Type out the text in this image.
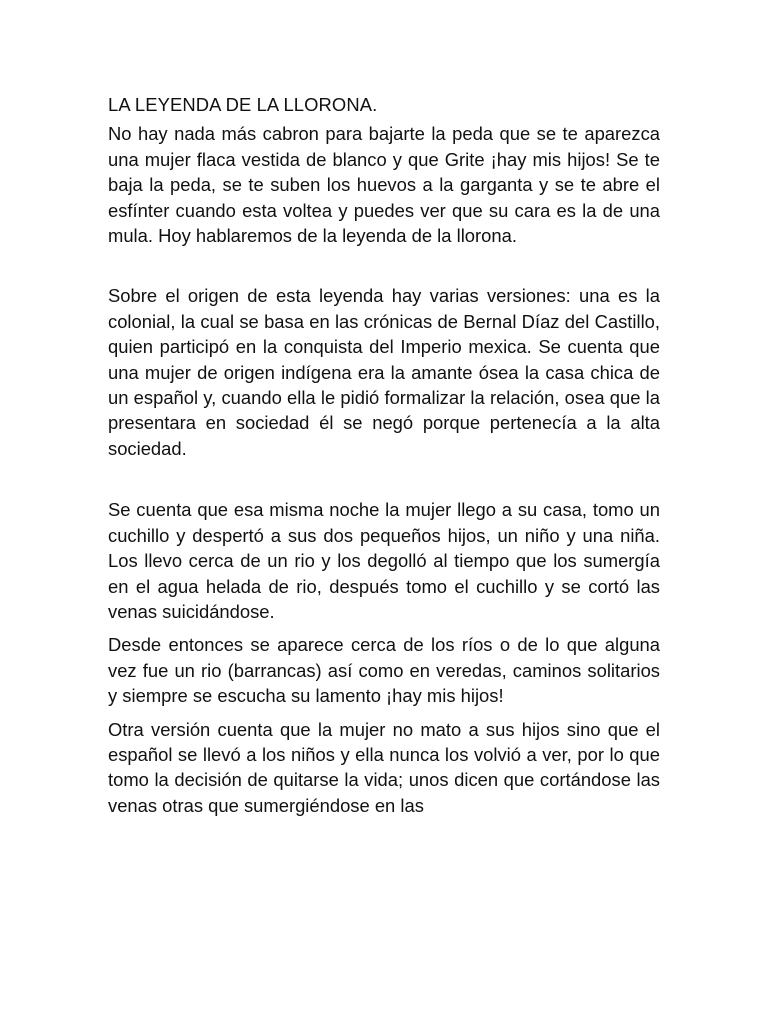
LA LEYENDA DE LA LLORONA.

No hay nada más cabron para bajarte la peda que se te aparezca una mujer flaca vestida de blanco y que Grite ¡hay mis hijos! Se te baja la peda, se te suben los huevos a la garganta y se te abre el esfínter cuando esta voltea y puedes ver que su cara es la de una mula. Hoy hablaremos de la leyenda de la llorona.

Sobre el origen de esta leyenda hay varias versiones: una es la colonial, la cual se basa en las crónicas de Bernal Díaz del Castillo, quien participó en la conquista del Imperio mexica. Se cuenta que una mujer de origen indígena era la amante ósea la casa chica de un español y, cuando ella le pidió formalizar la relación, osea que la presentara en sociedad él se negó porque pertenecía a la alta sociedad.

Se cuenta que esa misma noche la mujer llego a su casa, tomo un cuchillo y despertó a sus dos pequeños hijos, un niño y una niña. Los llevo cerca de un rio y los degolló al tiempo que los sumergía en el agua helada de rio, después tomo el cuchillo y se cortó las venas suicidándose.

Desde entonces se aparece cerca de los ríos o de lo que alguna vez fue un rio (barrancas) así como en veredas, caminos solitarios y siempre se escucha su lamento ¡hay mis hijos!

Otra versión cuenta que la mujer no mato a sus hijos sino que el español se llevó a los niños y ella nunca los volvió a ver, por lo que tomo la decisión de quitarse la vida; unos dicen que cortándose las venas otras que sumergiéndose en las
